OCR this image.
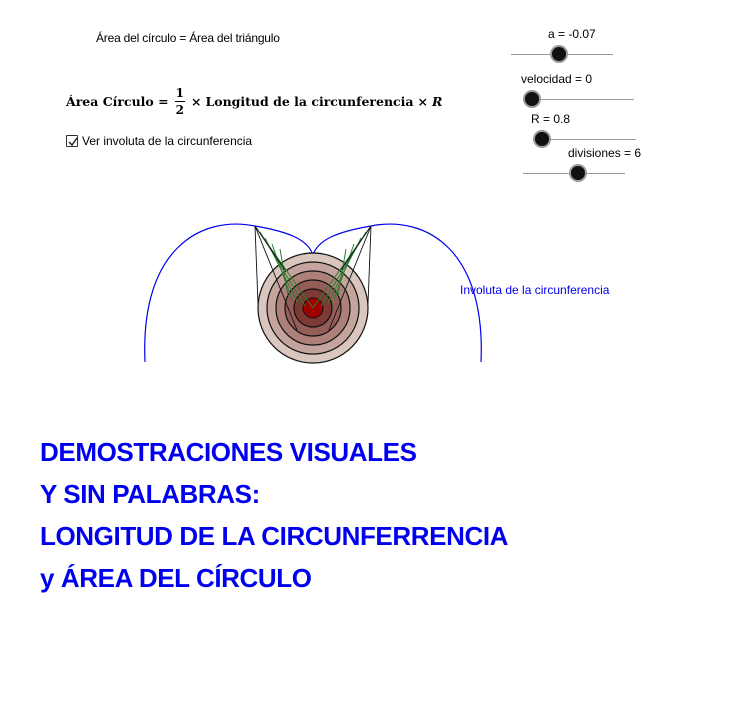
Área del círculo = Área del triángulo
Área Círculo = $\frac{1}{2}$ × Longitud de la circunferencia × R
Ver involuta de la circunferencia
a = -0.07
velocidad = 0
R = 0.8
divisiones = 6
Involuta de la circunferencia
DEMOSTRACIONES VISUALES
Y SIN PALABRAS:
LONGITUD DE LA CIRCUNFERRENCIA
y ÁREA DEL CÍRCULO
